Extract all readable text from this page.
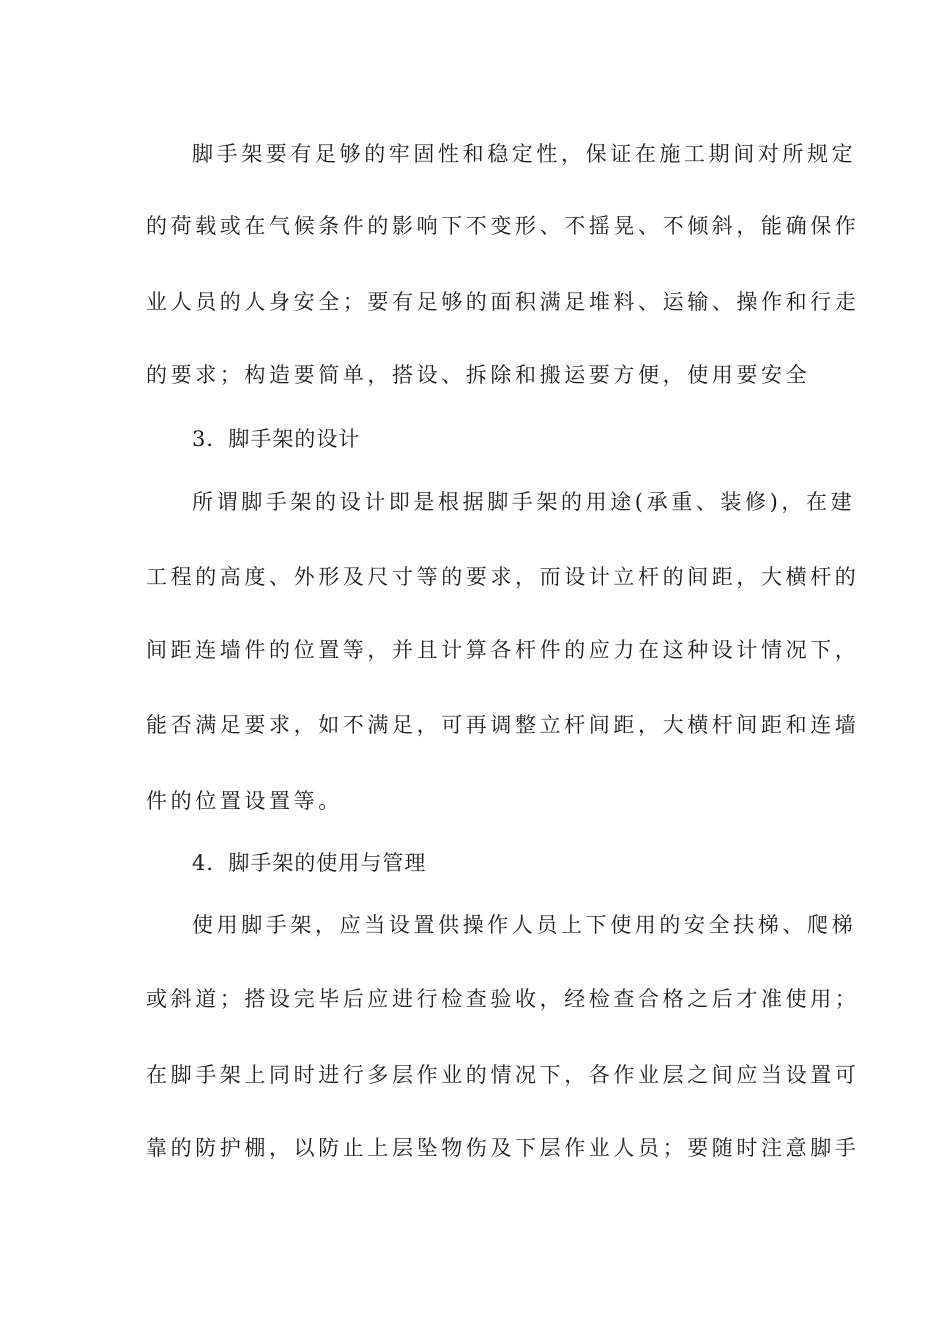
脚手架要有足够的牢固性和稳定性，保证在施工期间对所规定
的荷载或在气候条件的影响下不变形、不摇晃、不倾斜，能确保作
业人员的人身安全；要有足够的面积满足堆料、运输、操作和行走
的要求；构造要简单，搭设、拆除和搬运要方便，使用要安全
3．脚手架的设计
所谓脚手架的设计即是根据脚手架的用途(承重、装修)，在建
工程的高度、外形及尺寸等的要求，而设计立杆的间距，大横杆的
间距连墙件的位置等，并且计算各杆件的应力在这种设计情况下，
能否满足要求，如不满足，可再调整立杆间距，大横杆间距和连墙
件的位置设置等。
4．脚手架的使用与管理
使用脚手架，应当设置供操作人员上下使用的安全扶梯、爬梯
或斜道；搭设完毕后应进行检查验收，经检查合格之后才准使用；
在脚手架上同时进行多层作业的情况下，各作业层之间应当设置可
靠的防护棚，以防止上层坠物伤及下层作业人员；要随时注意脚手
